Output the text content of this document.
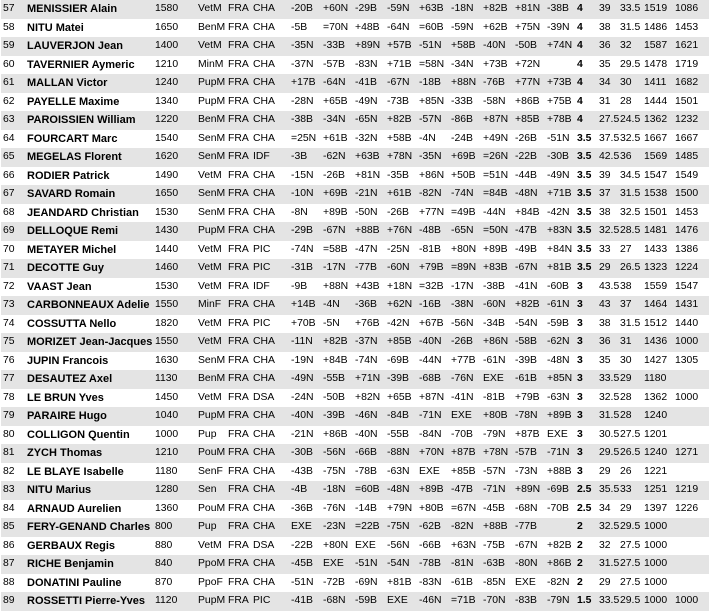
57	MENISSIER Alain	1580	VetM	FRA	CHA	-20B	+60N	-29B	-59N	+63B	-18N	+82B	+81N	-38B	4	39	33.5	1519	1086
58	NITU Matei	1650	BenM	FRA	CHA	-5B	=70N	+48B	-64N	=60B	-59N	+62B	+75N	-39N	4	38	31.5	1486	1453
59	LAUVERJON Jean	1400	VetM	FRA	CHA	-35N	-33B	+89N	+57B	-51N	+58B	-40N	-50B	+74N	4	36	32	1587	1621
60	TAVERNIER Aymeric	1210	MinM	FRA	CHA	-37N	-57B	-83N	+71B	=58N	-34N	+73B	+72N		4	35	29.5	1478	1719
61	MALLAN Victor	1240	PupM	FRA	CHA	+17B	-64N	-41B	-67N	-18B	+88N	-76B	+77N	+73B	4	34	30	1411	1682
62	PAYELLE Maxime	1340	PupM	FRA	CHA	-28N	+65B	-49N	-73B	+85N	-33B	-58N	+86B	+75B	4	31	28	1444	1501
63	PAROISSIEN William	1220	BenM	FRA	CHA	-38B	-34N	-65N	+82B	-57N	-86B	+87N	+85B	+78B	4	27.5	24.5	1362	1232
64	FOURCART Marc	1540	SenM	FRA	CHA	=25N	+61B	-32N	+58B	-4N	-24B	+49N	-26B	-51N	3.5	37.5	32.5	1667	1667
65	MEGELAS Florent	1620	SenM	FRA	IDF	-3B	-62N	+63B	+78N	-35N	+69B	=26N	-22B	-30B	3.5	42.5	36	1569	1485
66	RODIER Patrick	1490	VetM	FRA	CHA	-15N	-26B	+81N	-35B	+86N	+50B	=51N	-44B	-49N	3.5	39	34.5	1547	1549
67	SAVARD Romain	1650	SenM	FRA	CHA	-10N	+69B	-21N	+61B	-82N	-74N	=84B	-48N	+71B	3.5	37	31.5	1538	1500
68	JEANDARD Christian	1530	SenM	FRA	CHA	-8N	+89B	-50N	-26B	+77N	=49B	-44N	+84B	-42N	3.5	38	32.5	1501	1453
69	DELLOQUE Remi	1430	PupM	FRA	CHA	-29B	-67N	+88B	+76N	-48B	-65N	=50N	-47B	+83N	3.5	32.5	28.5	1481	1476
70	METAYER Michel	1440	VetM	FRA	PIC	-74N	=58B	-47N	-25N	-81B	+80N	+89B	-49B	+84N	3.5	33	27	1433	1386
71	DECOTTE Guy	1460	VetM	FRA	PIC	-31B	-17N	-77B	-60N	+79B	=89N	+83B	-67N	+81B	3.5	29	26.5	1323	1224
72	VAAST Jean	1530	VetM	FRA	IDF	-9B	+88N	+43B	+18N	=32B	-17N	-38B	-41N	-60B	3	43.5	38	1559	1547
73	CARBONNEAUX Adelie	1550	MinF	FRA	CHA	+14B	-4N	-36B	+62N	-16B	-38N	-60N	+82B	-61N	3	43	37	1464	1431
74	COSSUTTA Nello	1820	VetM	FRA	PIC	+70B	-5N	+76B	-42N	+67B	-56N	-34B	-54N	-59B	3	38	31.5	1512	1440
75	MORIZET Jean-Jacques	1550	VetM	FRA	CHA	-11N	+82B	-37N	+85B	-40N	-26B	+86N	-58B	-62N	3	36	31	1436	1000
76	JUPIN Francois	1630	SenM	FRA	CHA	-19N	+84B	-74N	-69B	-44N	+77B	-61N	-39B	-48N	3	35	30	1427	1305
77	DESAUTEZ Axel	1130	BenM	FRA	CHA	-49N	-55B	+71N	-39B	-68B	-76N	EXE	-61B	+85N	3	33.5	29	1180	
78	LE BRUN Yves	1450	VetM	FRA	DSA	-24N	-50B	+82N	+65B	+87N	-41N	-81B	+79B	-63N	3	32.5	28	1362	1000
79	PARAIRE Hugo	1040	PupM	FRA	CHA	-40N	-39B	-46N	-84B	-71N	EXE	+80B	-78N	+89B	3	31.5	28	1240	
80	COLLIGON Quentin	1000	Pup	FRA	CHA	-21N	+86B	-40N	-55B	-84N	-70B	-79N	+87B	EXE	3	30.5	27.5	1201	
81	ZYCH Thomas	1210	PouM	FRA	CHA	-30B	-56N	-66B	-88N	+70N	+87B	+78N	-57B	-71N	3	29.5	26.5	1240	1271
82	LE BLAYE Isabelle	1180	SenF	FRA	CHA	-43B	-75N	-78B	-63N	EXE	+85B	-57N	-73N	+88B	3	29	26	1221	
83	NITU Marius	1280	Sen	FRA	CHA	-4B	-18N	=60B	-48N	+89B	-47B	-71N	+89N	-69B	2.5	35.5	33	1251	1219
84	ARNAUD Aurelien	1360	PouM	FRA	CHA	-36B	-76N	-14B	+79N	+80B	=67N	-45B	-68N	-70B	2.5	34	29	1397	1226
85	FERY-GENAND Charles	800	Pup	FRA	CHA	EXE	-23N	=22B	-75N	-62B	-82N	+88B	-77B		2	32.5	29.5	1000	
86	GERBAUX Regis	880	VetM	FRA	DSA	-22B	+80N	EXE	-56N	-66B	+63N	-75B	-67N	+82B	2	32	27.5	1000	
87	RICHE Benjamin	840	PpoM	FRA	CHA	-45B	EXE	-51N	-54N	-78B	-81N	-63B	-80N	+86B	2	31.5	27.5	1000	
88	DONATINI Pauline	870	PpoF	FRA	CHA	-51N	-72B	-69N	+81B	-83N	-61B	-85N	EXE	-82N	2	29	27.5	1000	
89	ROSSETTI Pierre-Yves	1120	PupM	FRA	PIC	-41B	-68N	-59B	EXE	-46N	=71B	-70N	-83B	-79N	1.5	33.5	29.5	1000	1000
